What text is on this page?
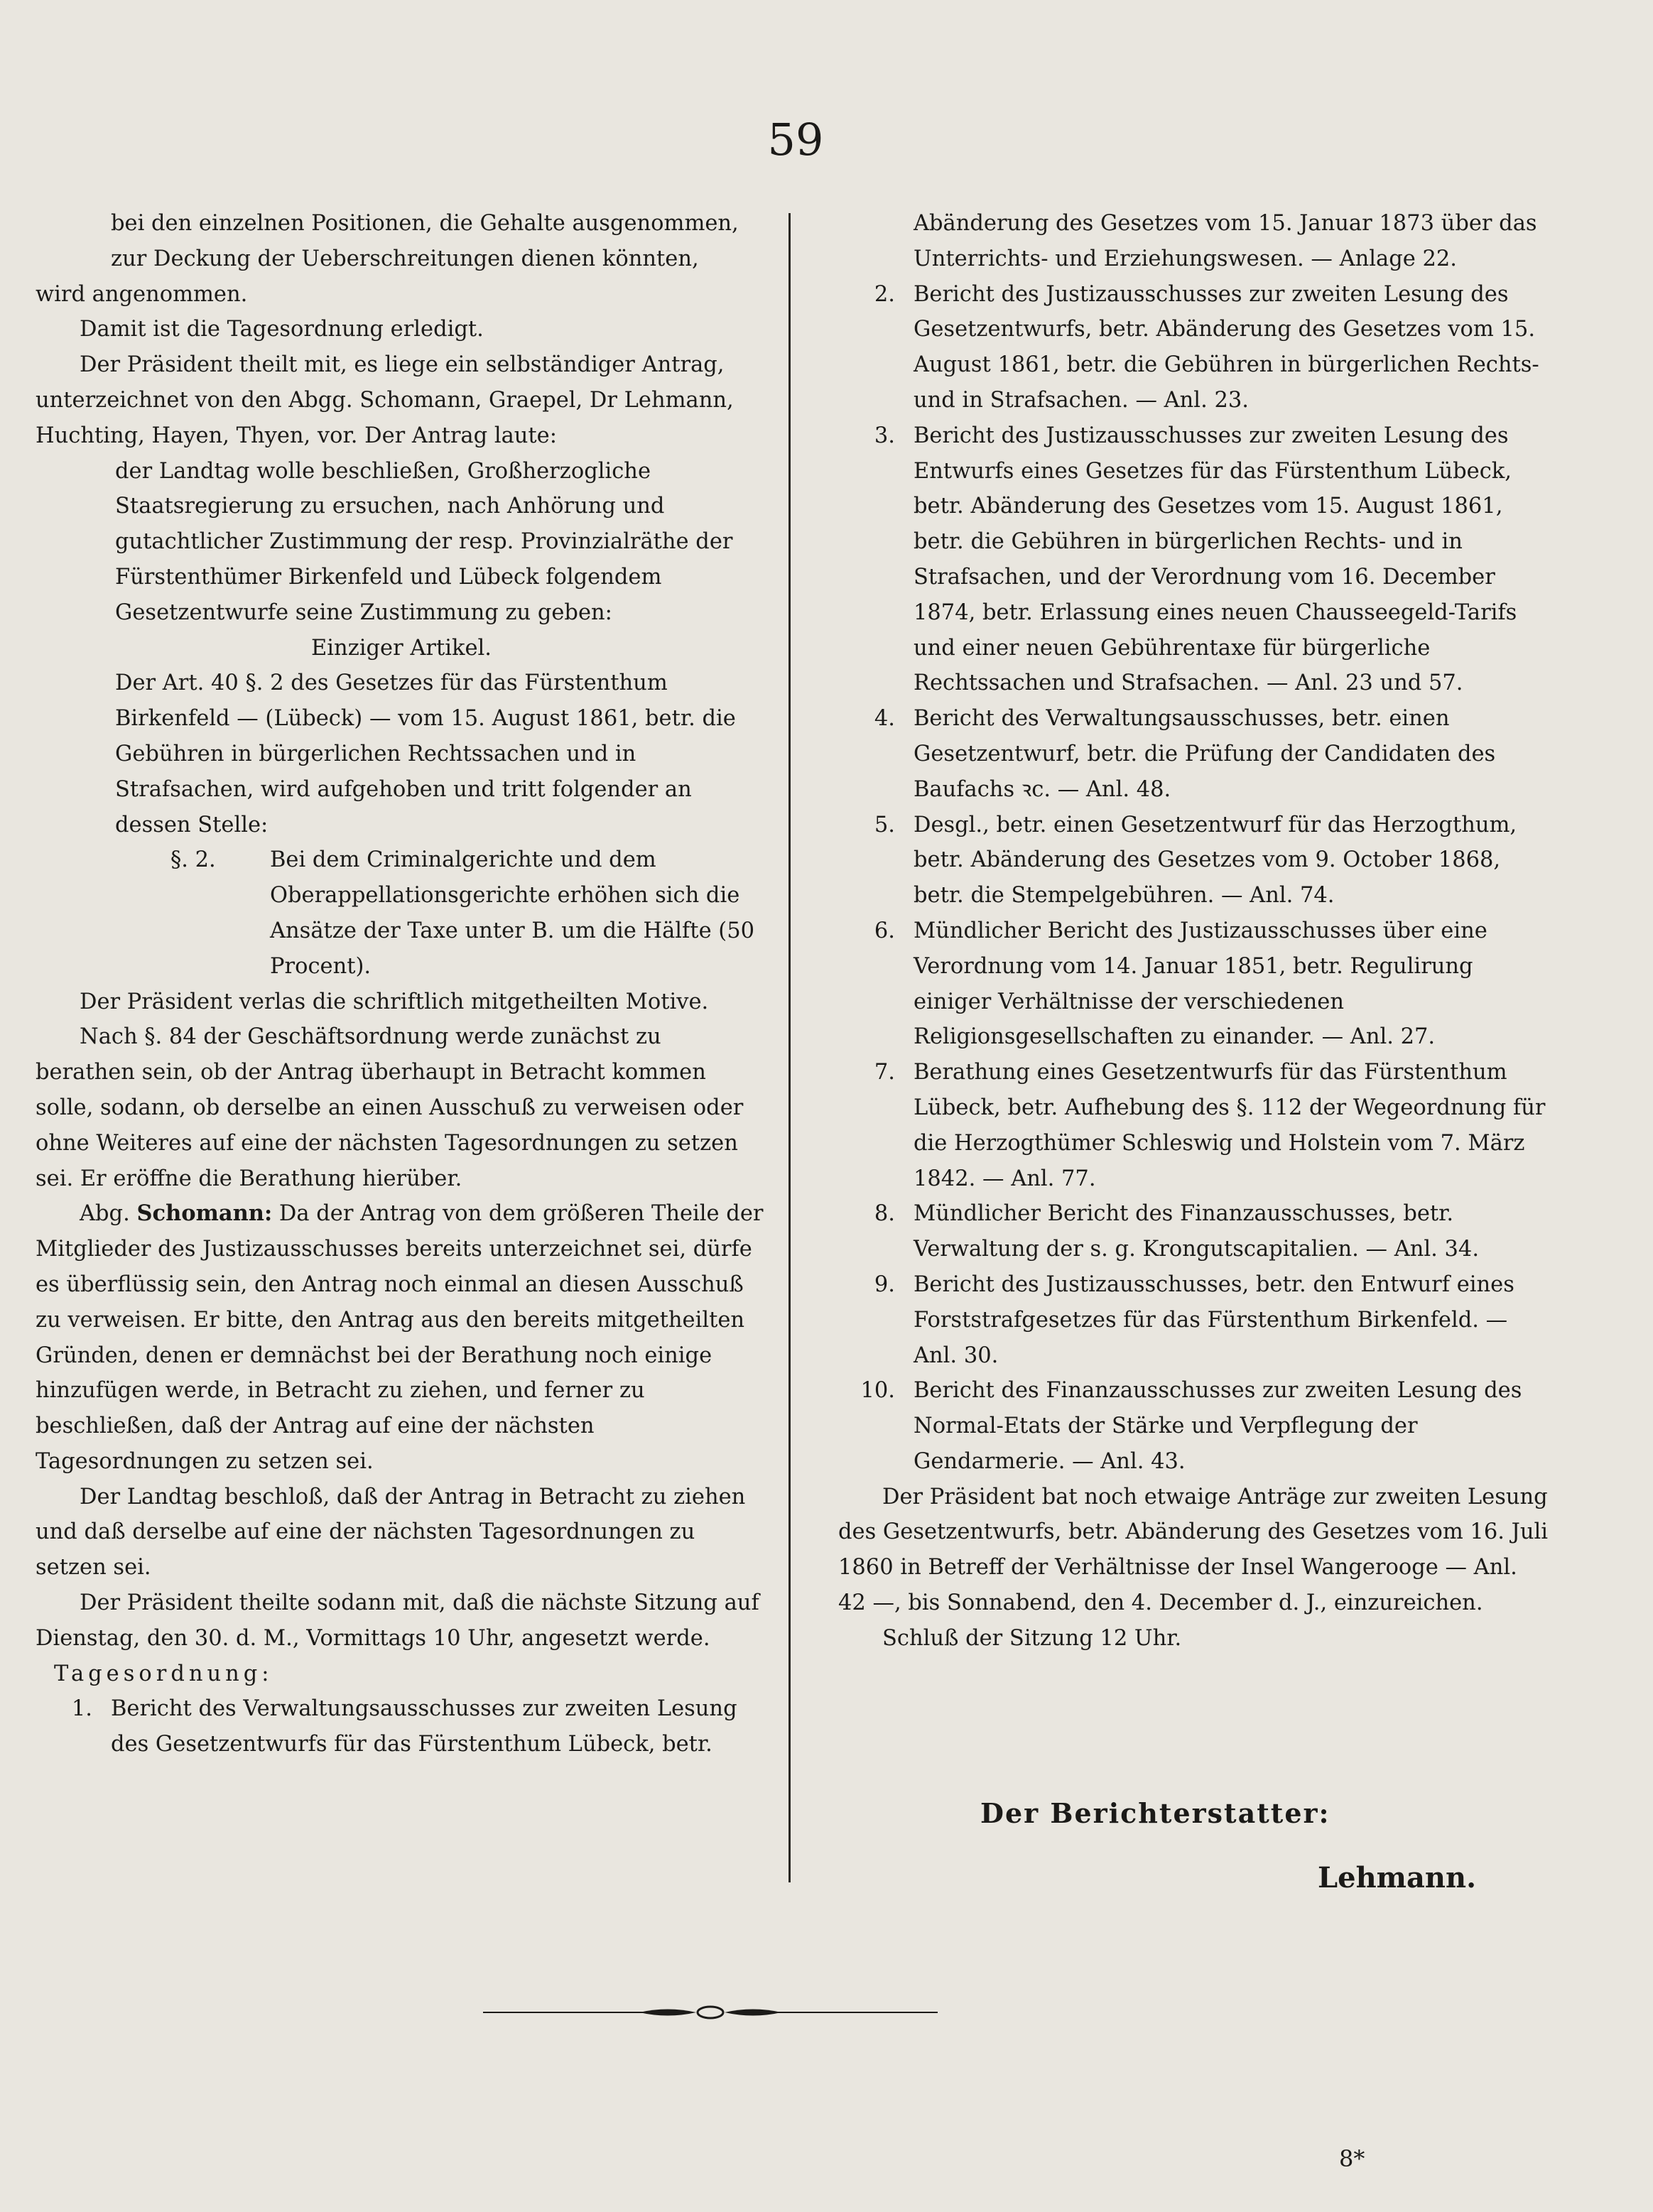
59

bei den einzelnen Positionen, die Gehalte ausgenommen, zur Deckung der Ueberschreitungen dienen könnten,

wird angenommen.

Damit ist die Tagesordnung erledigt.

Der Präsident theilt mit, es liege ein selbständiger Antrag, unterzeichnet von den Abgg. Schomann, Graepel, Dr Lehmann, Huchting, Hayen, Thyen, vor. Der Antrag laute:

der Landtag wolle beschließen, Großherzogliche Staatsregierung zu ersuchen, nach Anhörung und gutachtlicher Zustimmung der resp. Provinzialräthe der Fürstenthümer Birkenfeld und Lübeck folgendem Gesetzentwurfe seine Zustimmung zu geben:

Einziger Artikel.

Der Art. 40 §. 2 des Gesetzes für das Fürstenthum Birkenfeld — (Lübeck) — vom 15. August 1861, betr. die Gebühren in bürgerlichen Rechtssachen und in Strafsachen, wird aufgehoben und tritt folgender an dessen Stelle:

§. 2.	Bei dem Criminalgerichte und dem Oberappellationsgerichte erhöhen sich die Ansätze der Taxe unter B. um die Hälfte (50 Procent).

Der Präsident verlas die schriftlich mitgetheilten Motive.

Nach §. 84 der Geschäftsordnung werde zunächst zu berathen sein, ob der Antrag überhaupt in Betracht kommen solle, sodann, ob derselbe an einen Ausschuß zu verweisen oder ohne Weiteres auf eine der nächsten Tagesordnungen zu setzen sei. Er eröffne die Berathung hierüber.

Abg. Schomann: Da der Antrag von dem größeren Theile der Mitglieder des Justizausschusses bereits unterzeichnet sei, dürfe es überflüssig sein, den Antrag noch einmal an diesen Ausschuß zu verweisen. Er bitte, den Antrag aus den bereits mitgetheilten Gründen, denen er demnächst bei der Berathung noch einige hinzufügen werde, in Betracht zu ziehen, und ferner zu beschließen, daß der Antrag auf eine der nächsten Tagesordnungen zu setzen sei.

Der Landtag beschloß, daß der Antrag in Betracht zu ziehen und daß derselbe auf eine der nächsten Tagesordnungen zu setzen sei.

Der Präsident theilte sodann mit, daß die nächste Sitzung auf Dienstag, den 30. d. M., Vormittags 10 Uhr, angesetzt werde.

Tagesordnung:

1. Bericht des Verwaltungsausschusses zur zweiten Lesung des Gesetzentwurfs für das Fürstenthum Lübeck, betr.

Abänderung des Gesetzes vom 15. Januar 1873 über das Unterrichts- und Erziehungswesen. — Anlage 22.

2. Bericht des Justizausschusses zur zweiten Lesung des Gesetzentwurfs, betr. Abänderung des Gesetzes vom 15. August 1861, betr. die Gebühren in bürgerlichen Rechts- und in Strafsachen. — Anl. 23.
3. Bericht des Justizausschusses zur zweiten Lesung des Entwurfs eines Gesetzes für das Fürstenthum Lübeck, betr. Abänderung des Gesetzes vom 15. August 1861, betr. die Gebühren in bürgerlichen Rechts- und in Strafsachen, und der Verordnung vom 16. December 1874, betr. Erlassung eines neuen Chausseegeld-Tarifs und einer neuen Gebührentaxe für bürgerliche Rechtssachen und Strafsachen. — Anl. 23 und 57.
4. Bericht des Verwaltungsausschusses, betr. einen Gesetzentwurf, betr. die Prüfung der Candidaten des Baufachs ꝛc. — Anl. 48.
5. Desgl., betr. einen Gesetzentwurf für das Herzogthum, betr. Abänderung des Gesetzes vom 9. October 1868, betr. die Stempelgebühren. — Anl. 74.
6. Mündlicher Bericht des Justizausschusses über eine Verordnung vom 14. Januar 1851, betr. Regulirung einiger Verhältnisse der verschiedenen Religionsgesellschaften zu einander. — Anl. 27.
7. Berathung eines Gesetzentwurfs für das Fürstenthum Lübeck, betr. Aufhebung des §. 112 der Wegeordnung für die Herzogthümer Schleswig und Holstein vom 7. März 1842. — Anl. 77.
8. Mündlicher Bericht des Finanzausschusses, betr. Verwaltung der s. g. Krongutscapitalien. — Anl. 34.
9. Bericht des Justizausschusses, betr. den Entwurf eines Forststrafgesetzes für das Fürstenthum Birkenfeld. — Anl. 30.
10. Bericht des Finanzausschusses zur zweiten Lesung des Normal-Etats der Stärke und Verpflegung der Gendarmerie. — Anl. 43.

Der Präsident bat noch etwaige Anträge zur zweiten Lesung des Gesetzentwurfs, betr. Abänderung des Gesetzes vom 16. Juli 1860 in Betreff der Verhältnisse der Insel Wangerooge — Anl. 42 —, bis Sonnabend, den 4. December d. J., einzureichen.

Schluß der Sitzung 12 Uhr.

Der Berichterstatter:
Lehmann.
8*
